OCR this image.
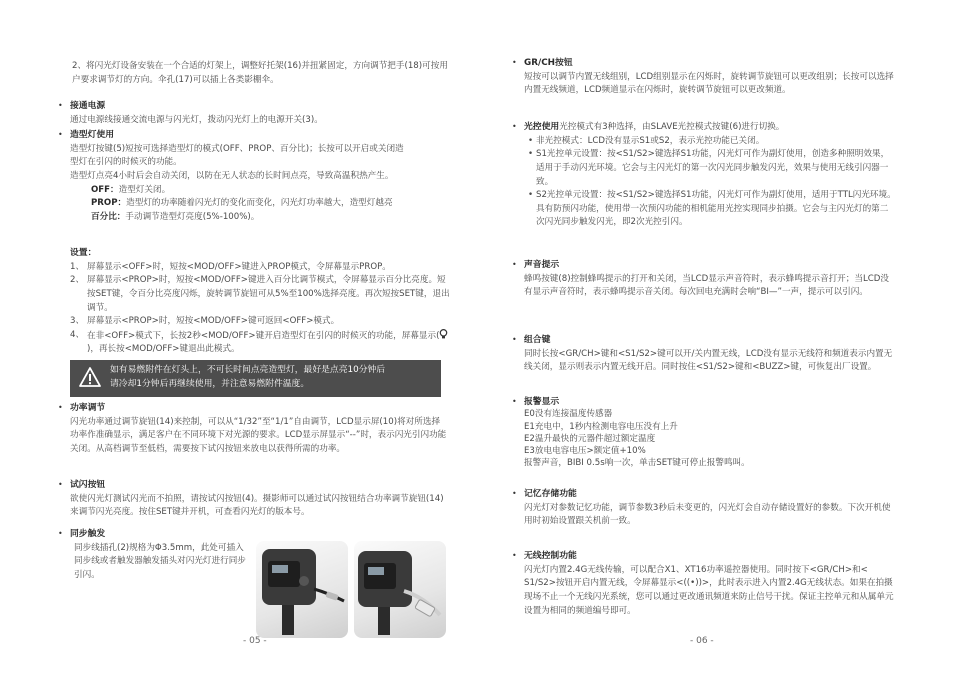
2、将闪光灯设备安装在一个合适的灯架上，调整好托架(16)并扭紧固定，方向调节把手(18)可按用户要求调节灯的方向。伞孔(17)可以插上各类影棚伞。
• 接通电源
通过电源线接通交流电源与闪光灯，拨动闪光灯上的电源开关(3)。
• 造型灯使用
造型灯按键(5)短按可选择造型灯的模式(OFF、PROP、百分比)；长按可以开启或关闭造
型灯在引闪的时候灭的功能。
造型灯点亮4小时后会自动关闭，以防在无人状态的长时间点亮，导致高温积热产生。
OFF：造型灯关闭。
PROP：造型灯的功率随着闪光灯的变化而变化，闪光灯功率越大，造型灯越亮
百分比：手动调节造型灯亮度(5%-100%)。
设置：
1、 屏幕显示<OFF>时，短按<MOD/OFF>键进入PROP模式，令屏幕显示PROP。
2、 屏幕显示<PROP>时，短按<MOD/OFF>键进入百分比调节模式，令屏幕显示百分比亮度。短按SET键，令百分比亮度闪烁，旋转调节旋钮可从5%至100%选择亮度。再次短按SET键，退出调节。
3、 屏幕显示<PROP>时，短按<MOD/OFF>键可返回<OFF>模式。
4、 在非<OFF>模式下，长按2秒<MOD/OFF>键开启造型灯在引闪的时候灭的功能，屏幕显示()，再长按<MOD/OFF>键退出此模式。
如有易燃附件在灯头上，不可长时间点亮造型灯，最好是点亮10分钟后
请冷却1分钟后再继续使用，并注意易燃附件温度。
• 功率调节
闪光功率通过调节旋钮(14)来控制，可以从“1/32”至“1/1”自由调节，LCD显示屏(10)将对所选择功率作准确显示，满足客户在不同环境下对光源的要求。LCD显示屏显示“--”时，表示闪光引闪功能关闭。从高档调节至低档，需要按下试闪按钮来放电以获得所需的功率。
• 试闪按钮
欲使闪光灯测试闪光而不拍照，请按试闪按钮(4)。摄影师可以通过试闪按钮结合功率调节旋钮(14)来调节闪光亮度。按住SET键并开机，可查看闪光灯的版本号。
• 同步触发
同步线插孔(2)规格为Φ3.5mm，此处可插入同步线或者触发器触发插头对闪光灯进行同步引闪。
- 05 -
• GR/CH按钮
短按可以调节内置无线组别，LCD组别显示在闪烁时，旋转调节旋钮可以更改组别；长按可以选择内置无线频道，LCD频道显示在闪烁时，旋转调节旋钮可以更改频道。
• 光控使用光控模式有3种选择，由SLAVE光控模式按键(6)进行切换。
• 非光控模式：LCD没有显示S1或S2，表示光控功能已关闭。
• S1光控单元设置：按<S1/S2>键选择S1功能，闪光灯可作为副灯使用，创造多种照明效果，适用于手动闪光环境。它会与主闪光灯的第一次闪光同步触发闪光，效果与使用无线引闪器一致。
• S2光控单元设置：按<S1/S2>键选择S1功能，闪光灯可作为副灯使用，适用于TTL闪光环境。具有防预闪功能，使用带一次预闪功能的相机能用光控实现同步拍摄。它会与主闪光灯的第二次闪光同步触发闪光，即2次光控引闪。
• 声音提示
蜂鸣按键(8)控制蜂鸣提示的打开和关闭，当LCD显示声音符时，表示蜂鸣提示音打开；当LCD没有显示声音符时，表示蜂鸣提示音关闭。每次回电充满时会响“BI—”一声，提示可以引闪。
• 组合键
同时长按<GR/CH>键和<S1/S2>键可以开/关内置无线，LCD没有显示无线符和频道表示内置无线关闭，显示则表示内置无线开启。同时按住<S1/S2>键和<BUZZ>键，可恢复出厂设置。
• 报警显示
E0没有连接温度传感器
E1充电中，1秒内检测电容电压没有上升
E2温升最快的元器件超过额定温度
E3放电电容电压>额定值+10%
报警声音，BIBI 0.5s响一次，单击SET键可停止报警鸣叫。
• 记忆存储功能
闪光灯对参数记忆功能，调节参数3秒后未变更的，闪光灯会自动存储设置好的参数。下次开机使用时初始设置跟关机前一致。
• 无线控制功能
闪光灯内置2.4G无线传输，可以配合X1、XT16功率遥控器使用。同时按下<GR/CH>和< S1/S2>按钮开启内置无线，令屏幕显示<((•))>，此时表示进入内置2.4G无线状态。如果在拍摄现场不止一个无线闪光系统，您可以通过更改通讯频道来防止信号干扰。保证主控单元和从属单元设置为相同的频道编号即可。
- 06 -
